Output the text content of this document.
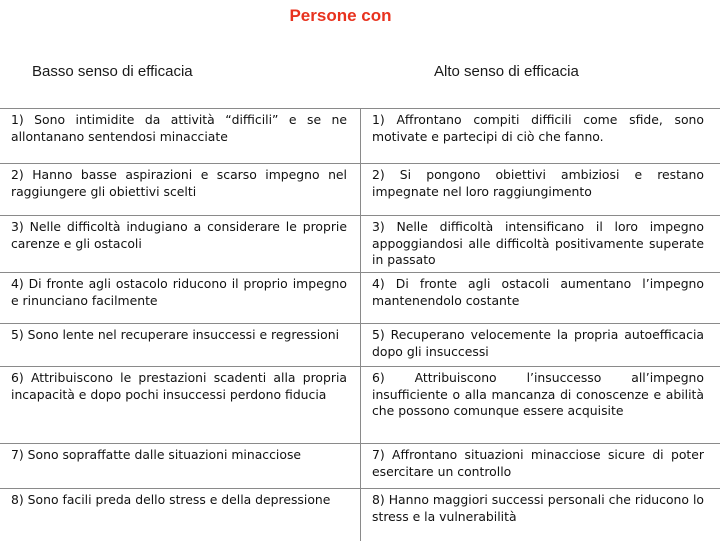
Persone con
Basso senso di efficacia	Alto senso di efficacia
1) Sono intimidite da attività “difficili” e se ne allontanano sentendosi minacciate	1) Affrontano compiti difficili come sfide, sono motivate e partecipi di ciò che fanno.
2) Hanno basse aspirazioni e scarso impegno nel raggiungere gli obiettivi scelti	2) Si pongono obiettivi ambiziosi e restano impegnate nel loro raggiungimento
3) Nelle difficoltà indugiano a considerare le proprie carenze e gli ostacoli	3) Nelle difficoltà intensificano il loro impegno appoggiandosi alle difficoltà positivamente superate in passato
4) Di fronte agli ostacolo riducono il proprio impegno e rinunciano facilmente	4) Di fronte agli ostacoli aumentano l’impegno mantenendolo costante
5) Sono lente nel recuperare insuccessi e regressioni	5) Recuperano velocemente la propria autoefficacia dopo gli insuccessi
6) Attribuiscono le prestazioni scadenti alla propria incapacità e dopo pochi insuccessi perdono fiducia	6) Attribuiscono l’insuccesso all’impegno insufficiente o alla mancanza di conoscenze e abilità che possono comunque essere acquisite
7) Sono sopraffatte dalle situazioni minacciose	7) Affrontano situazioni minacciose sicure di poter esercitare un controllo
8) Sono facili preda dello stress e della depressione	8) Hanno maggiori successi personali che riducono lo stress e la vulnerabilità
